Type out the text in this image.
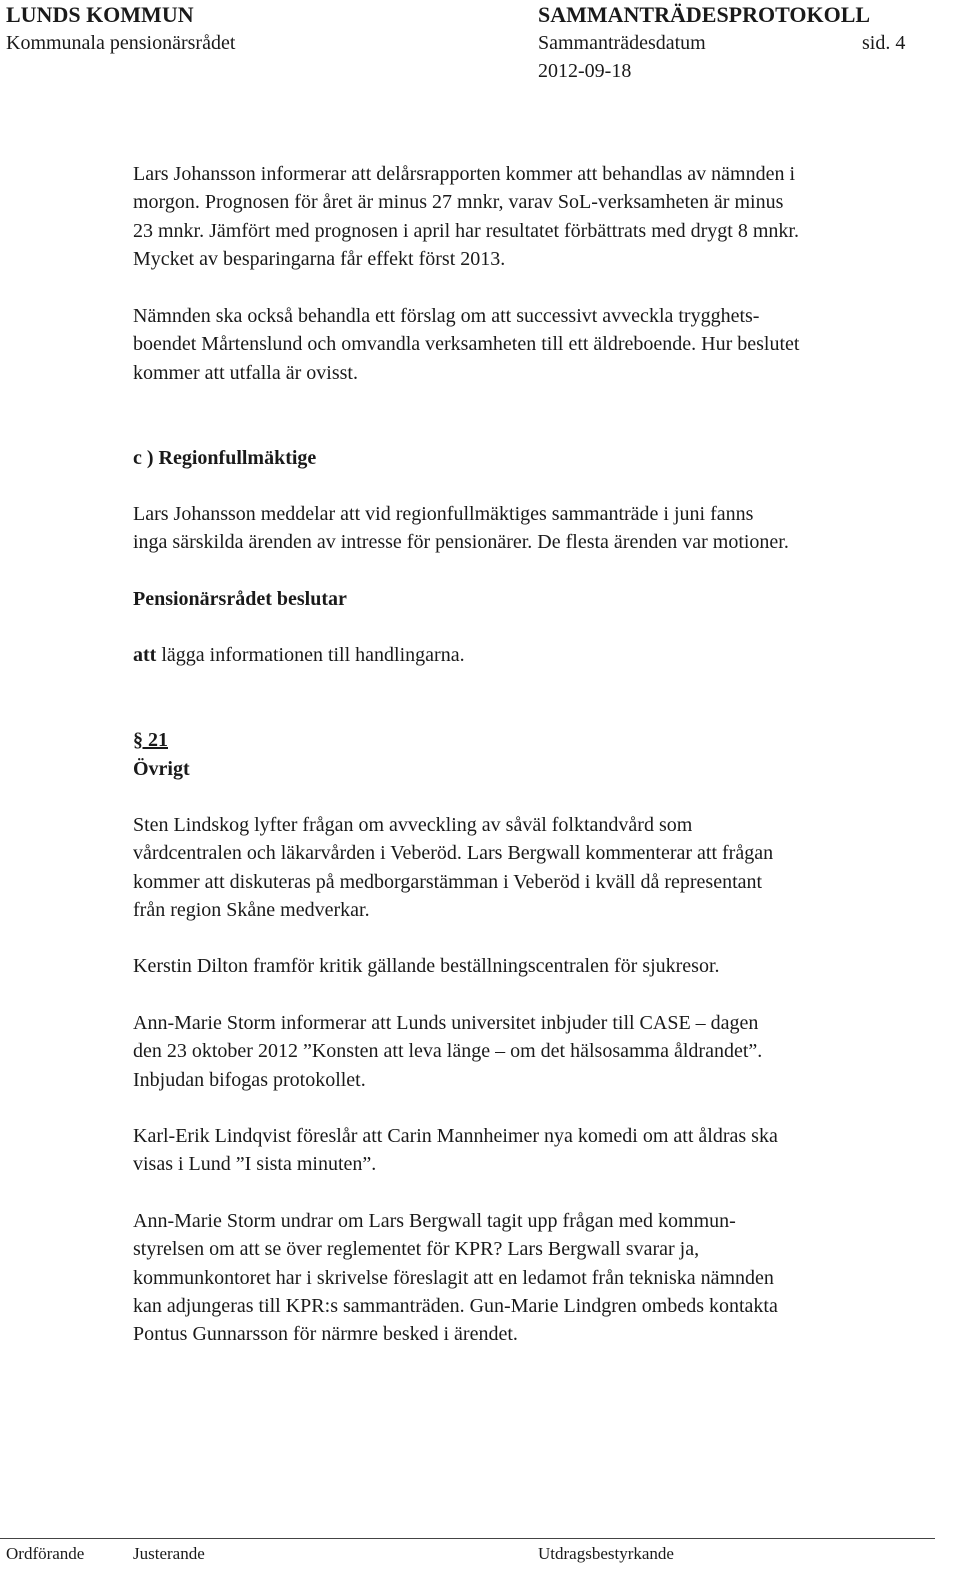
LUNDS KOMMUN	SAMMANTRÄDESPROTOKOLL
Kommunala pensionärsrådet	Sammanträdesdatum	sid. 4
2012-09-18
Lars Johansson informerar att delårsrapporten kommer att behandlas av nämnden i
morgon. Prognosen för året är minus 27 mnkr, varav SoL-verksamheten är minus
23 mnkr. Jämfört med prognosen i april har resultatet förbättrats med drygt 8 mnkr.
Mycket av besparingarna får effekt först 2013.
Nämnden ska också behandla ett förslag om att successivt avveckla trygghets-
boendet Mårtenslund och omvandla verksamheten till ett äldreboende. Hur beslutet
kommer att utfalla är ovisst.
c ) Regionfullmäktige
Lars Johansson meddelar att vid regionfullmäktiges sammanträde i juni fanns
inga särskilda ärenden av intresse för pensionärer. De flesta ärenden var motioner.
Pensionärsrådet beslutar
att lägga informationen till handlingarna.
§ 21
Övrigt
Sten Lindskog lyfter frågan om avveckling av såväl folktandvård som
vårdcentralen och läkarvården i Veberöd. Lars Bergwall kommenterar att frågan
kommer att diskuteras på medborgarstämman i Veberöd i kväll då representant
från region Skåne medverkar.
Kerstin Dilton framför kritik gällande beställningscentralen för sjukresor.
Ann-Marie Storm informerar att Lunds universitet inbjuder till CASE – dagen
den 23 oktober 2012 ”Konsten att leva länge – om det hälsosamma åldrandet”.
Inbjudan bifogas protokollet.
Karl-Erik Lindqvist föreslår att Carin Mannheimer nya komedi om att åldras ska
visas i Lund ”I sista minuten”.
Ann-Marie Storm undrar om Lars Bergwall tagit upp frågan med kommun-
styrelsen om att se över reglementet för KPR? Lars Bergwall svarar ja,
kommunkontoret har i skrivelse föreslagit att en ledamot från tekniska nämnden
kan adjungeras till KPR:s sammanträden. Gun-Marie Lindgren ombeds kontakta
Pontus Gunnarsson för närmre besked i ärendet.
Ordförande	Justerande	Utdragsbestyrkande
